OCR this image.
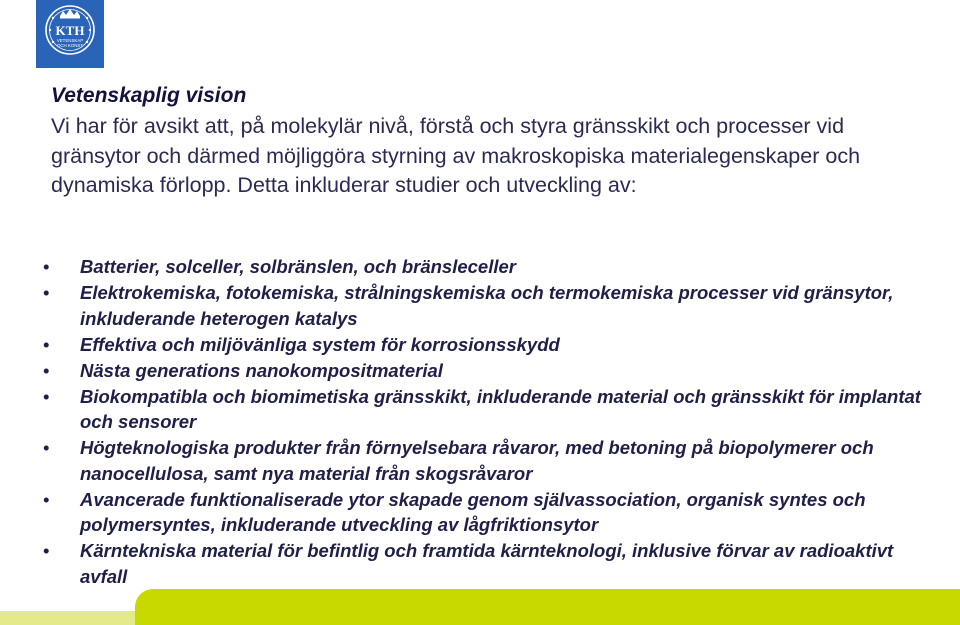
KTH
VETENSKAP
OCH KONST
Vetenskaplig vision
Vi har för avsikt att, på molekylär nivå, förstå och styra gränsskikt och processer vid gränsytor och därmed möjliggöra styrning av makroskopiska materialegenskaper och dynamiska förlopp. Detta inkluderar studier och utveckling av:
• Batterier, solceller, solbränslen, och bränsleceller
• Elektrokemiska, fotokemiska, strålningskemiska och termokemiska processer vid gränsytor, inkluderande heterogen katalys
• Effektiva och miljövänliga system för korrosionsskydd
• Nästa generations nanokompositmaterial
• Biokompatibla och biomimetiska gränsskikt, inkluderande material och gränsskikt för implantat och sensorer
• Högteknologiska produkter från förnyelsebara råvaror, med betoning på biopolymerer och nanocellulosa, samt nya material från skogsråvaror
• Avancerade funktionaliserade ytor skapade genom självassociation, organisk syntes och polymersyntes, inkluderande utveckling av lågfriktionsytor
• Kärntekniska material för befintlig och framtida kärnteknologi, inklusive förvar av radioaktivt avfall
